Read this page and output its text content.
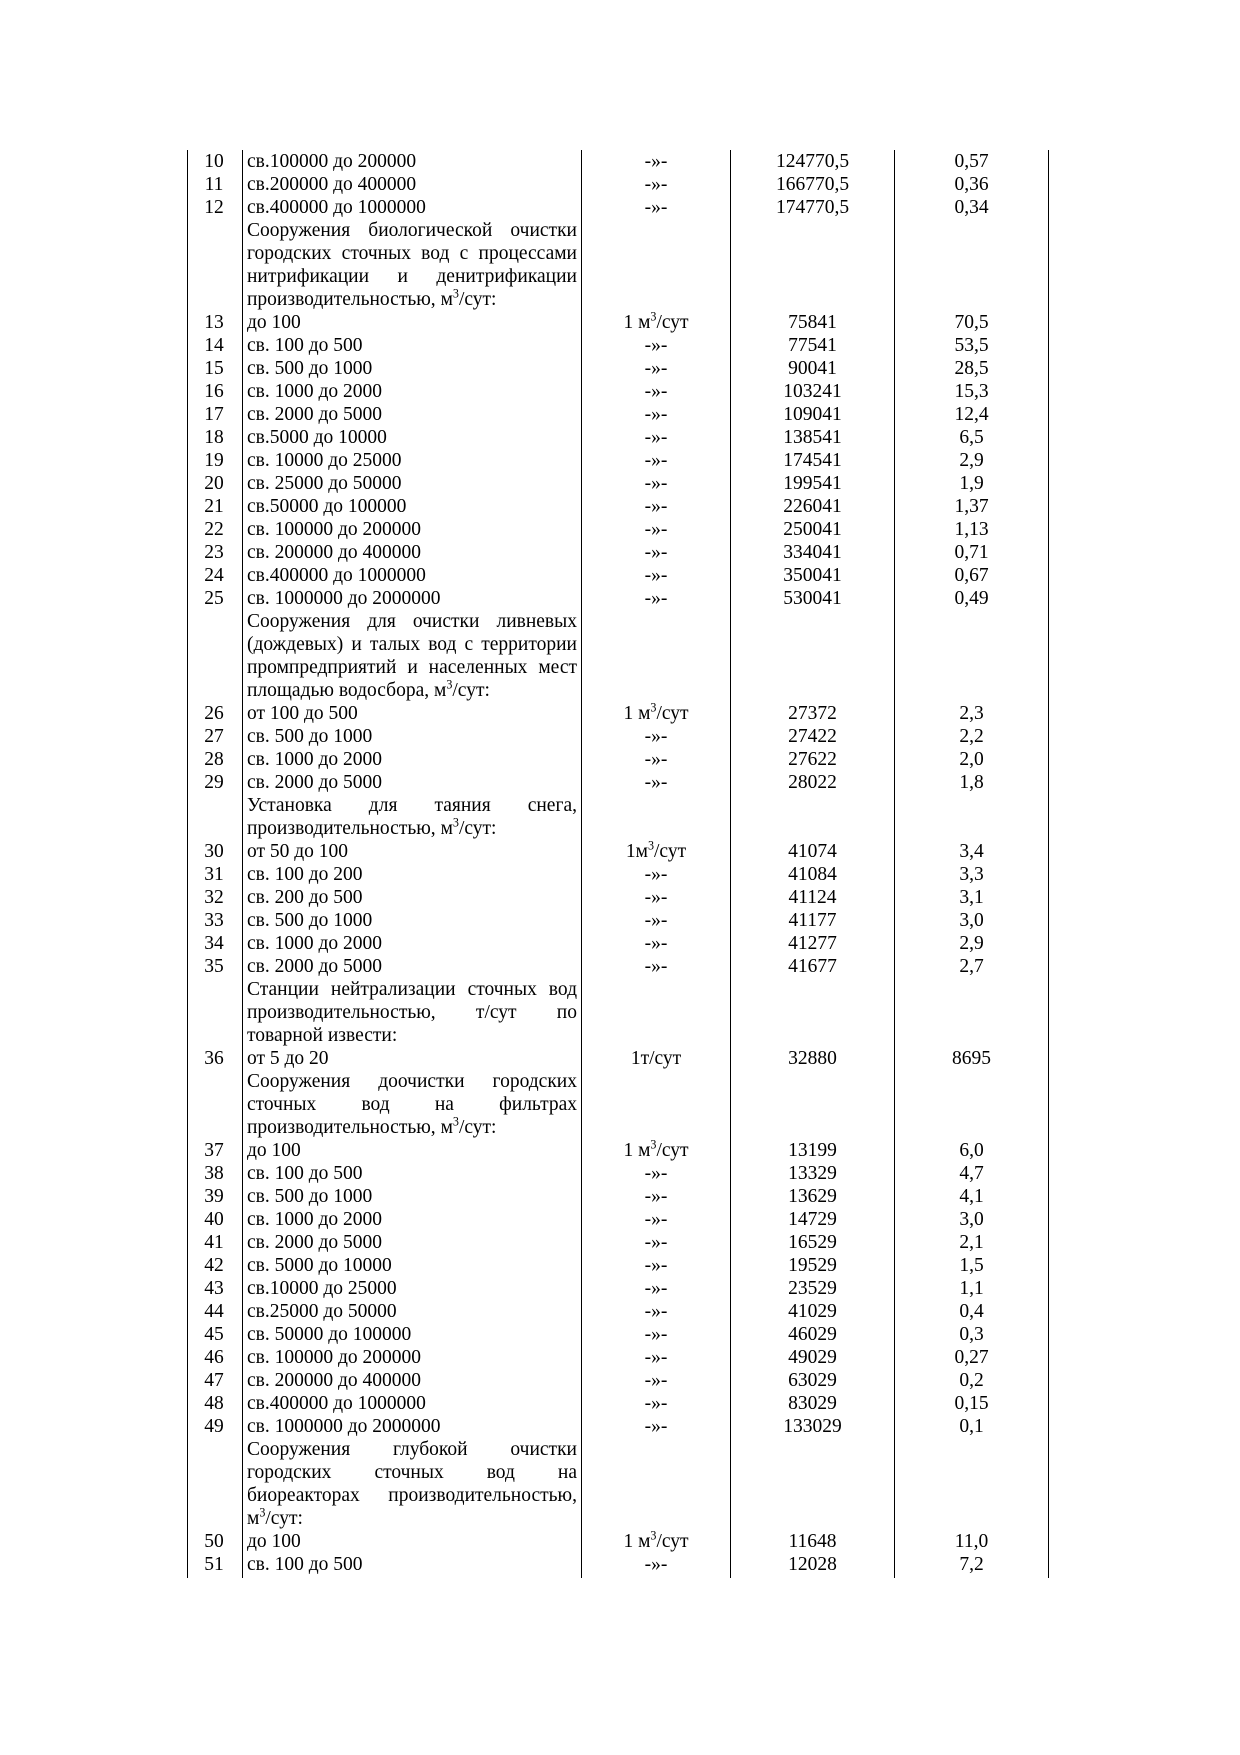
10	св.100000 до 200000	-»-	124770,5	0,57
11	св.200000 до 400000	-»-	166770,5	0,36
12	св.400000 до 1000000	-»-	174770,5	0,34
	Сооружения биологической очистки городских сточных вод с процессами нитрификации и денитрификации производительностью, $м^3$/сут:			
13	до 100	1 $м^3$/сут	75841	70,5
14	св. 100 до 500	-»-	77541	53,5
15	св. 500 до 1000	-»-	90041	28,5
16	св. 1000 до 2000	-»-	103241	15,3
17	св. 2000 до 5000	-»-	109041	12,4
18	св.5000 до 10000	-»-	138541	6,5
19	св. 10000 до 25000	-»-	174541	2,9
20	св. 25000 до 50000	-»-	199541	1,9
21	св.50000 до 100000	-»-	226041	1,37
22	св. 100000 до 200000	-»-	250041	1,13
23	св. 200000 до 400000	-»-	334041	0,71
24	св.400000 до 1000000	-»-	350041	0,67
25	св. 1000000 до 2000000	-»-	530041	0,49
	Сооружения для очистки ливневых (дождевых) и талых вод с территории промпредприятий и населенных мест площадью водосбора, $м^3$/сут:			
26	от 100 до 500	1 $м^3$/сут	27372	2,3
27	св. 500 до 1000	-»-	27422	2,2
28	св. 1000 до 2000	-»-	27622	2,0
29	св. 2000 до 5000	-»-	28022	1,8
	Установка для таяния снега, производительностью, $м^3$/сут:			
30	от 50 до 100	$1м^3$/сут	41074	3,4
31	св. 100 до 200	-»-	41084	3,3
32	св. 200 до 500	-»-	41124	3,1
33	св. 500 до 1000	-»-	41177	3,0
34	св. 1000 до 2000	-»-	41277	2,9
35	св. 2000 до 5000	-»-	41677	2,7
	Станции нейтрализации сточных вод производительностью, т/сут по товарной извести:			
36	от 5 до 20	1т/сут	32880	8695
	Сооружения доочистки городских сточных вод на фильтрах производительностью, $м^3$/сут:			
37	до 100	1 $м^3$/сут	13199	6,0
38	св. 100 до 500	-»-	13329	4,7
39	св. 500 до 1000	-»-	13629	4,1
40	св. 1000 до 2000	-»-	14729	3,0
41	св. 2000 до 5000	-»-	16529	2,1
42	св. 5000 до 10000	-»-	19529	1,5
43	св.10000 до 25000	-»-	23529	1,1
44	св.25000 до 50000	-»-	41029	0,4
45	св. 50000 до 100000	-»-	46029	0,3
46	св. 100000 до 200000	-»-	49029	0,27
47	св. 200000 до 400000	-»-	63029	0,2
48	св.400000 до 1000000	-»-	83029	0,15
49	св. 1000000 до 2000000	-»-	133029	0,1
	Сооружения глубокой очистки городских сточных вод на биореакторах производительностью, $м^3$/сут:			
50	до 100	1 $м^3$/сут	11648	11,0
51	св. 100 до 500	-»-	12028	7,2
